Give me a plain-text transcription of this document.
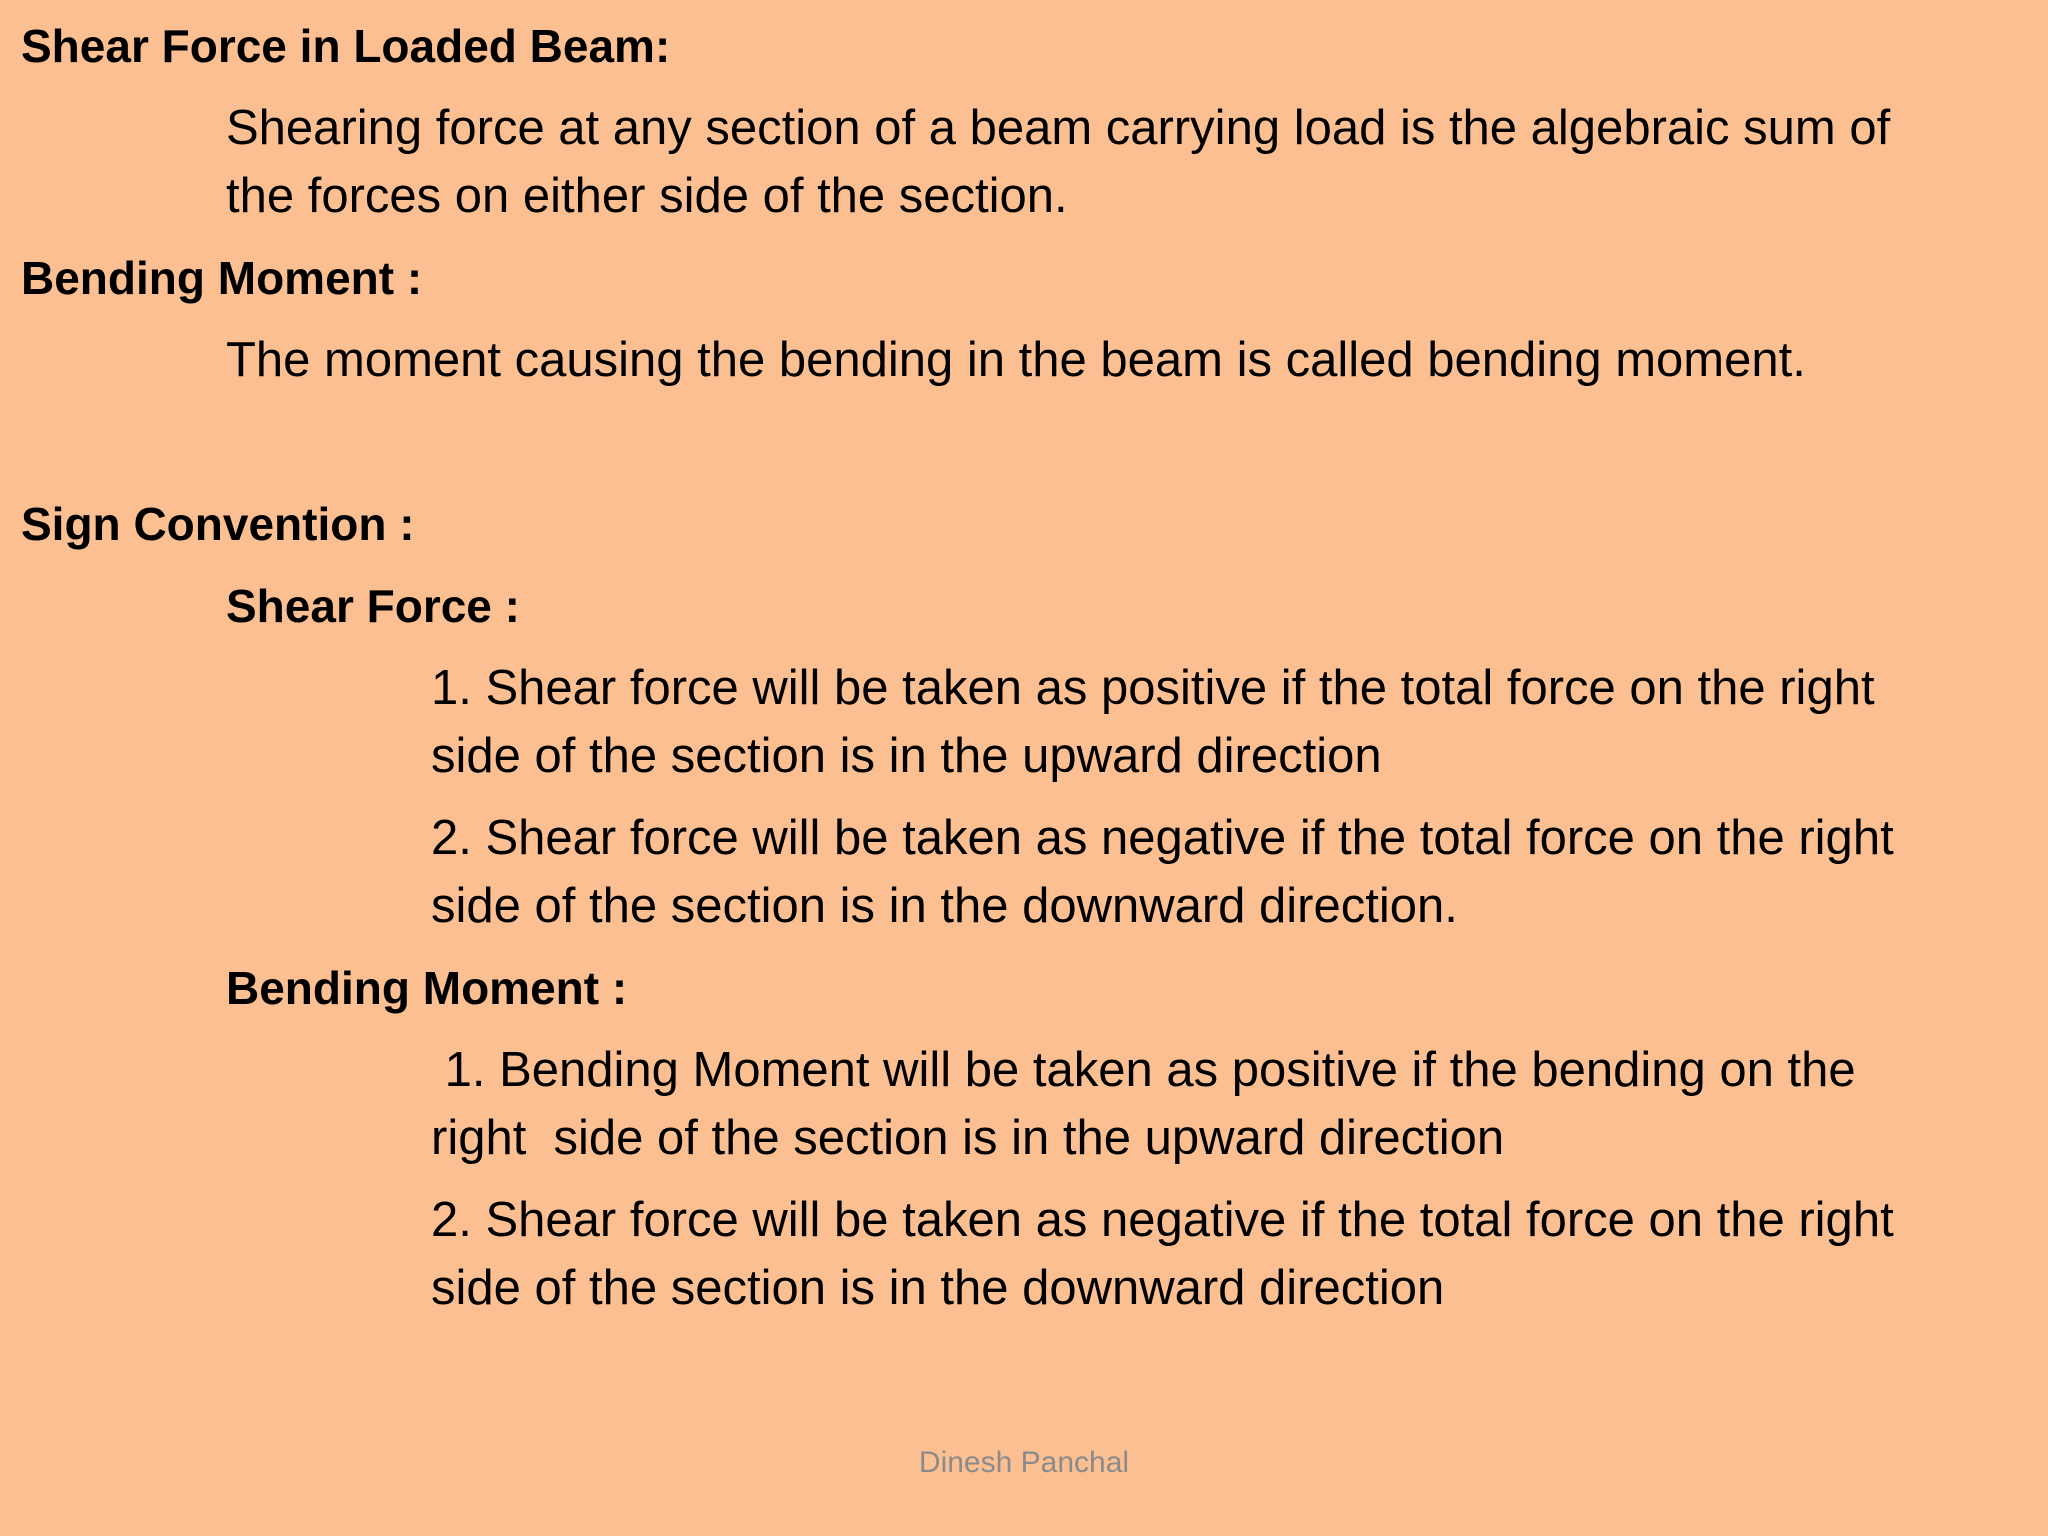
Shear Force in Loaded Beam:

Shearing force at any section of a beam carrying load is the algebraic sum of

the forces on either side of the section.

Bending Moment :

The moment causing the bending in the beam is called bending moment.

Sign Convention :

Shear Force :

1. Shear force will be taken as positive if the total force on the right

side of the section is in the upward direction

2. Shear force will be taken as negative if the total force on the right

side of the section is in the downward direction.

Bending Moment :

1. Bending Moment will be taken as positive if the bending on the

right  side of the section is in the upward direction

2. Shear force will be taken as negative if the total force on the right

side of the section is in the downward direction

Dinesh Panchal
